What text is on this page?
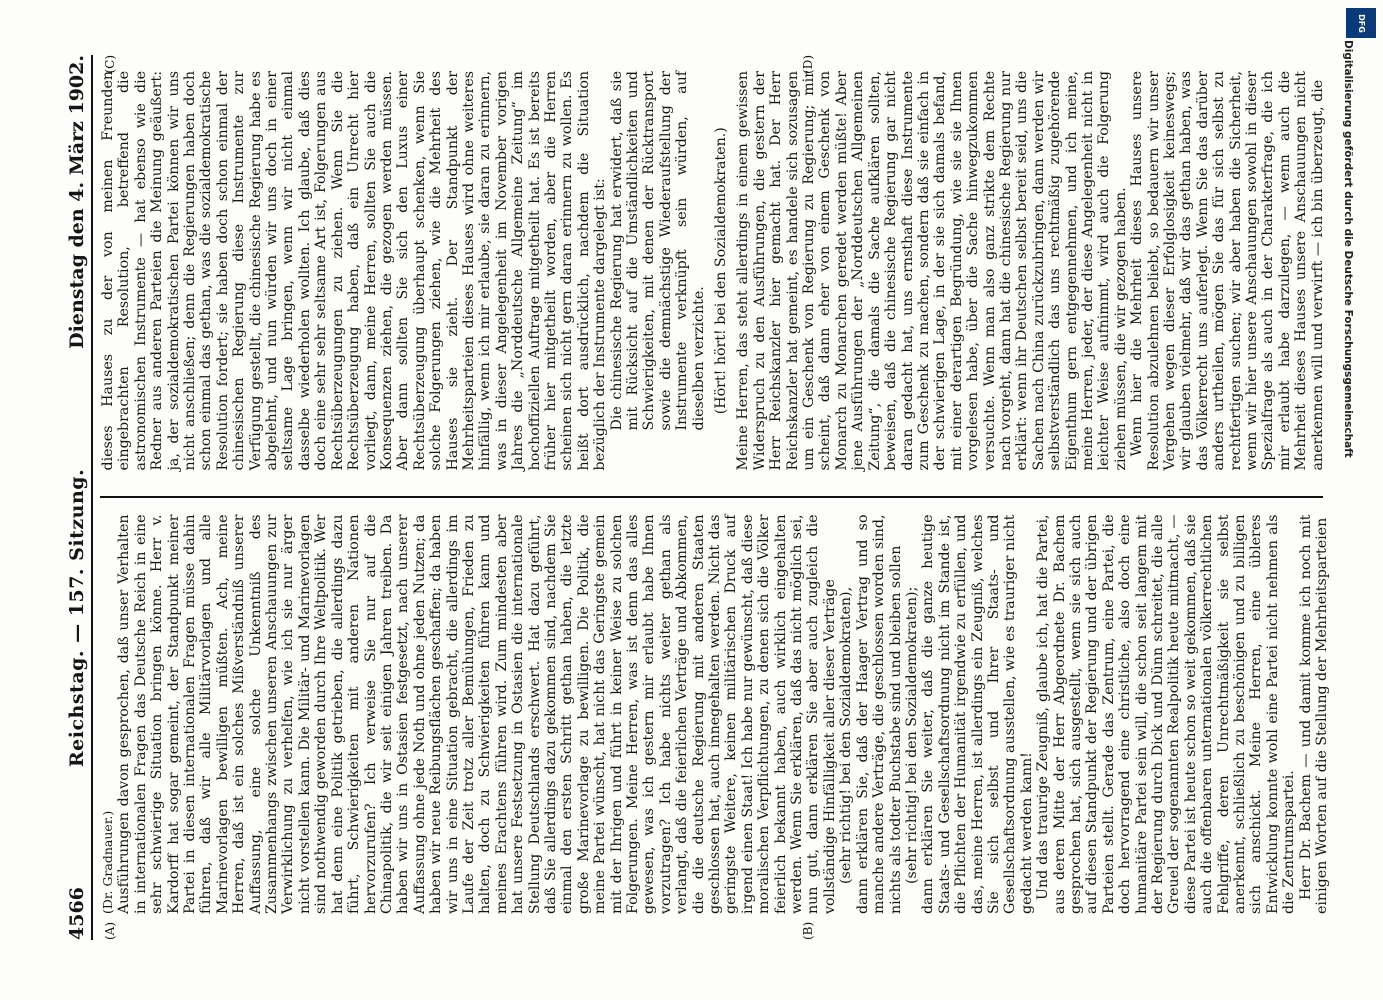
4566
Reichstag. — 157. Sitzung.
Dienstag den 4. März 1902.
(A)	(B)

(Dr. Gradnauer.) Ausführungen davon gesprochen, daß unser Verhalten in internationalen Fragen das Deutsche Reich in eine sehr schwierige Situation bringen könne. Herr v. Kardorff hat sogar gemeint, der Standpunkt meiner Partei in diesen internationalen Fragen müsse dahin führen, daß wir alle Militärvorlagen und alle Marinevorlagen bewilligen müßten. Ach, meine Herren, daß ist ein solches Mißverständniß unserer Auffassung, eine solche Unkenntniß des Zusammenhangs zwischen unseren Anschauungen zur Verwirklichung zu verhelfen, wie ich sie nur ärger nicht vorstellen kann. Die Militär- und Marinevorlagen sind nothwendig geworden durch Ihre Weltpolitik. Wer hat denn eine Politik getrieben, die allerdings dazu führt, Schwierigkeiten mit anderen Nationen hervorzurufen? Ich verweise Sie nur auf die Chinapolitik, die wir seit einigen Jahren treiben. Da haben wir uns in Ostasien festgesetzt, nach unserer Auffassung ohne jede Noth und ohne jeden Nutzen; da haben wir neue Reibungsflächen geschaffen; da haben wir uns in eine Situation gebracht, die allerdings im Laufe der Zeit trotz aller Bemühungen, Frieden zu halten, doch zu Schwierigkeiten führen kann und meines Erachtens führen wird. Zum mindesten aber hat unsere Festsetzung in Ostasien die internationale Stellung Deutschlands erschwert. Hat dazu geführt, daß Sie allerdings dazu gekommen sind, nachdem Sie einmal den ersten Schritt gethan haben, die letzte große Marinevorlage zu bewilligen. Die Politik, die meine Partei wünscht, hat nicht das Geringste gemein mit der Ihrigen und führt in keiner Weise zu solchen Folgerungen. Meine Herren, was ist denn das alles gewesen, was ich gestern mir erlaubt habe Ihnen vorzutragen? Ich habe nichts weiter gethan als verlangt, daß die feierlichen Verträge und Abkommen, die die deutsche Regierung mit anderen Staaten geschlossen hat, auch innegehalten werden. Nicht das geringste Weitere, keinen militärischen Druck auf irgend einen Staat! Ich habe nur gewünscht, daß diese moralischen Verpflichtungen, zu denen sich die Völker feierlich bekannt haben, auch wirklich eingehalten werden. Wenn Sie erklären, daß das nicht möglich sei, nun gut, dann erklären Sie aber auch zugleich die vollständige Hinfälligkeit aller dieser Verträge (sehr richtig! bei den Sozialdemokraten), dann erklären Sie, daß der Haager Vertrag und so manche andere Verträge, die geschlossen worden sind, nichts als todter Buchstabe sind und bleiben sollen (sehr richtig! bei den Sozialdemokraten); dann erklären Sie weiter, daß die ganze heutige Staats- und Gesellschaftsordnung nicht im Stande ist, die Pflichten der Humanität irgendwie zu erfüllen, und das, meine Herren, ist allerdings ein Zeugniß, welches Sie sich selbst und Ihrer Staats- und Gesellschaftsordnung ausstellen, wie es trauriger nicht gedacht werden kann! Und das traurige Zeugniß, glaube ich, hat die Partei, aus deren Mitte der Herr Abgeordnete Dr. Bachem gesprochen hat, sich ausgestellt, wenn sie sich auch auf diesen Standpunkt der Regierung und der übrigen Parteien stellt. Gerade das Zentrum, eine Partei, die doch hervorragend eine christliche, also doch eine humanitäre Partei sein will, die schon seit langem mit der Regierung durch Dick und Dünn schreitet, die alle Greuel der sogenannten Realpolitik heute mitmacht, — diese Partei ist heute schon so weit gekommen, daß sie auch die offenbaren unternationalen völkerrechtlichen Fehlgriffe, deren Unrechtmäßigkeit sie selbst anerkennt, schließlich zu beschönigen und zu billigen sich anschickt. Meine Herren, eine übleres Entwicklung konnte wohl eine Partei nicht nehmen als die Zentrumspartei. Herr Dr. Bachem — und damit komme ich noch mit einigen Worten auf die Stellung der Mehrheitsparteien

(C)	(D)

dieses Hauses zu der von meinen Freunden eingebrachten Resolution, betreffend die astronomischen Instrumente — hat ebenso wie die Redner aus anderen Parteien die Meinung geäußert: ja, der sozialdemokratischen Partei können wir uns nicht anschließen; denn die Regierungen haben doch schon einmal das gethan, was die sozialdemokratische Resolution fordert; sie haben doch schon einmal der chinesischen Regierung diese Instrumente zur Verfügung gestellt, die chinesische Regierung habe es abgelehnt, und nun würden wir uns doch in einer seltsame Lage bringen, wenn wir nicht einmal dasselbe wiederholen wollten. Ich glaube, daß dies doch eine sehr sehr seltsame Art ist, Folgerungen aus Rechtsüberzeugungen zu ziehen. Wenn Sie die Rechtsüberzeugung haben, daß ein Unrecht hier vorliegt, dann, meine Herren, sollten Sie auch die Konsequenzen ziehen, die gezogen werden müssen. Aber dann sollten Sie sich den Luxus einer Rechtsüberzeugung überhaupt schenken, wenn Sie solche Folgerungen ziehen, wie die Mehrheit des Hauses sie zieht. Der Standpunkt der Mehrheitsparteien dieses Hauses wird ohne weiteres hinfällig, wenn ich mir erlaube, sie daran zu erinnern, was in dieser Angelegenheit im November vorigen Jahres die „Norddeutsche Allgemeine Zeitung“ im hochoffiziellen Auftrage mitgetheilt hat. Es ist bereits früher hier mitgetheilt worden, aber die Herren scheinen sich nicht gern daran erinnern zu wollen. Es heißt dort ausdrücklich, nachdem die Situation bezüglich der Instrumente dargelegt ist: Die chinesische Regierung hat erwidert, daß sie mit Rücksicht auf die Umständlichkeiten und Schwierigkeiten, mit denen der Rücktransport sowie die demnächstige Wiederaufstellung der Instrumente verknüpft sein würden, auf dieselben verzichte. (Hört! hört! bei den Sozialdemokraten.) Meine Herren, das steht allerdings in einem gewissen Widerspruch zu den Ausführungen, die gestern der Herr Reichskanzler hier gemacht hat. Der Herr Reichskanzler hat gemeint, es handele sich sozusagen um ein Geschenk von Regierung zu Regierung; mir scheint, daß dann eher von einem Geschenk von Monarch zu Monarchen geredet werden müßte! Aber jene Ausführungen der „Norddeutschen Allgemeinen Zeitung“, die damals die Sache aufklären sollten, beweisen, daß die chinesische Regierung gar nicht daran gedacht hat, uns ernsthaft diese Instrumente zum Geschenk zu machen, sondern daß sie einfach in der schwierigen Lage, in der sie sich damals befand, mit einer derartigen Begründung, wie sie sie Ihnen vorgelesen habe, über die Sache hinwegzukommen versuchte. Wenn man also ganz strikte dem Rechte nach vorgeht, dann hat die chinesische Regierung nur erklärt: wenn ihr Deutschen selbst bereit seid, uns die Sachen nach China zurückzubringen, dann werden wir selbstverständlich das uns rechtmäßig zugehörende Eigenthum gern entgegennehmen, und ich meine, meine Herren, jeder, der diese Angelegenheit nicht in leichter Weise aufnimmt, wird auch die Folgerung ziehen müssen, die wir gezogen haben. Wenn hier die Mehrheit dieses Hauses unsere Resolution abzulehnen beliebt, so bedauern wir unser Vergehen wegen dieser Erfolglosigkeit keineswegs; wir glauben vielmehr, daß wir das gethan haben, was das Völkerrecht uns auferlegt. Wenn Sie das darüber anders urtheilen, mögen Sie das für sich selbst zu rechtfertigen suchen; wir aber haben die Sicherheit, wenn wir hier unsere Anschauungen sowohl in dieser Spezialfrage als auch in der Charakterfrage, die ich mir erlaubt habe darzulegen, — wenn auch die Mehrheit dieses Hauses unsere Anschauungen nicht anerkennen will und verwirft — ich bin überzeugt, die

DFG
Digitalisierung gefördert durch die Deutsche Forschungsgemeinschaft
